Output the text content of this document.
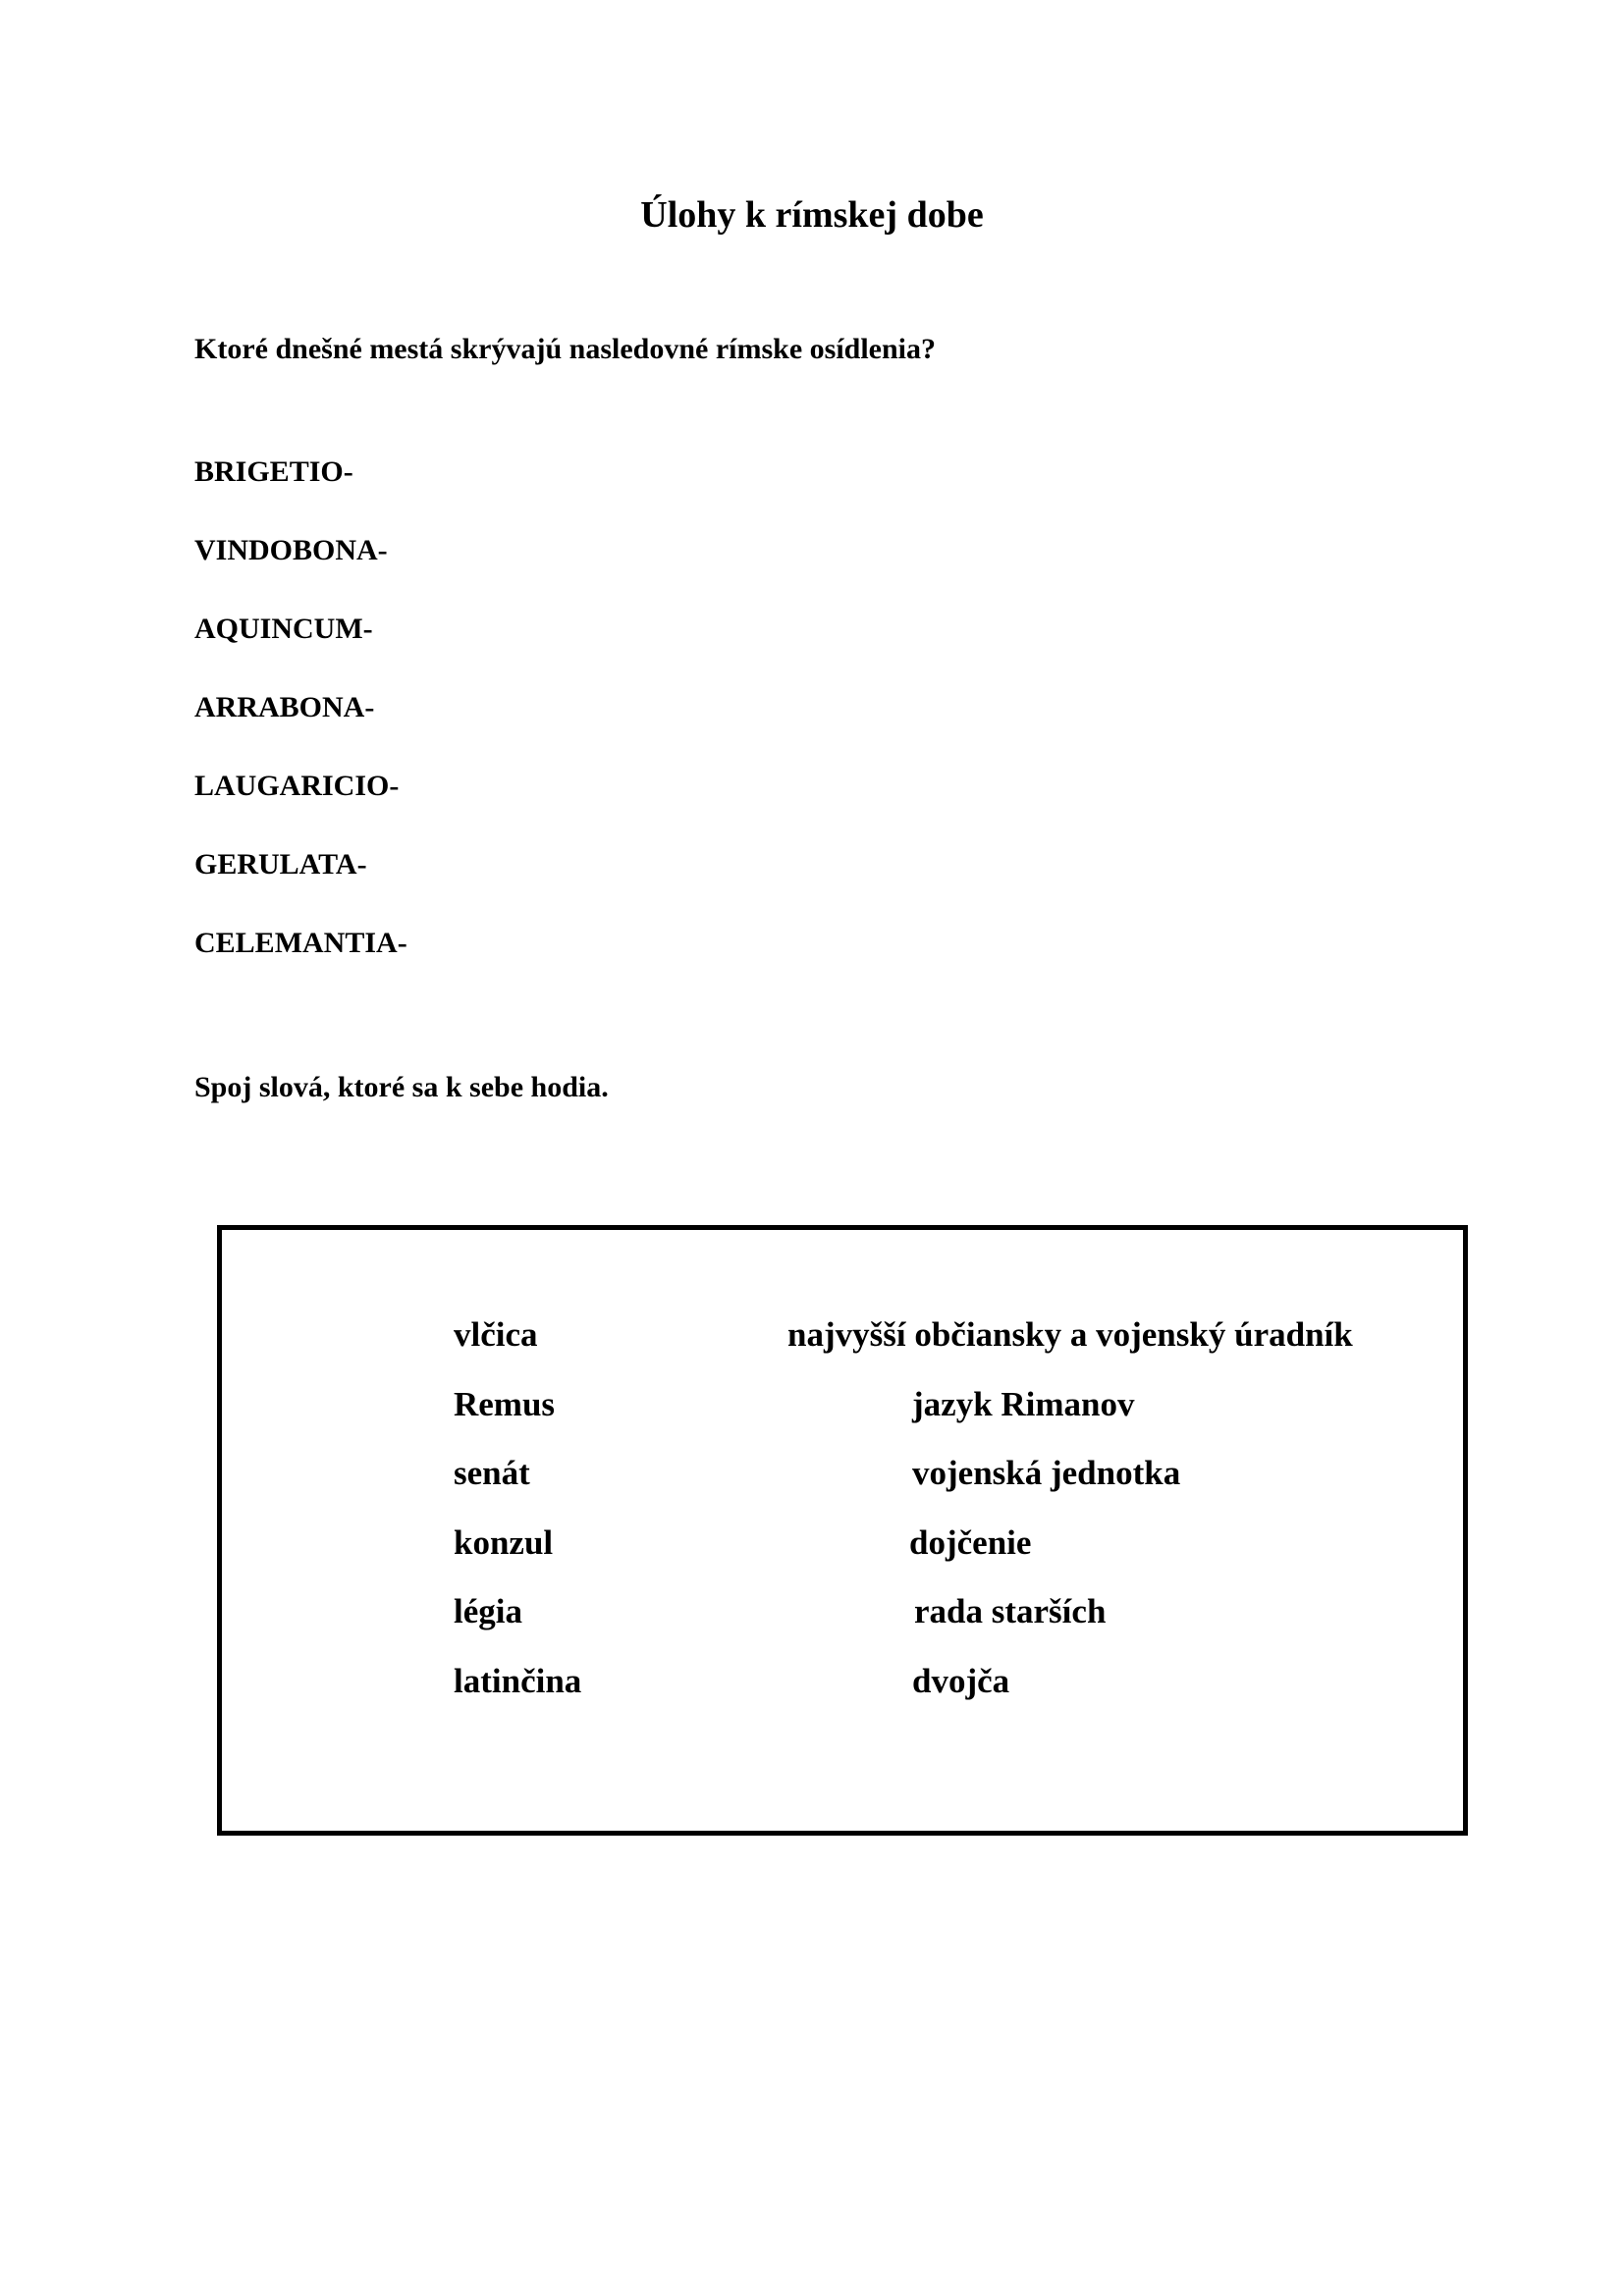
Úlohy k rímskej dobe

Ktoré dnešné mestá skrývajú nasledovné rímske osídlenia?

BRIGETIO-
VINDOBONA-
AQUINCUM-
ARRABONA-
LAUGARICIO-
GERULATA-
CELEMANTIA-

Spoj slová, ktoré sa k sebe hodia.

vlčica
Remus
senát
konzul
légia
latinčina
najvyšší občiansky a vojenský úradník
jazyk Rimanov
vojenská jednotka
dojčenie
rada starších
dvojča
